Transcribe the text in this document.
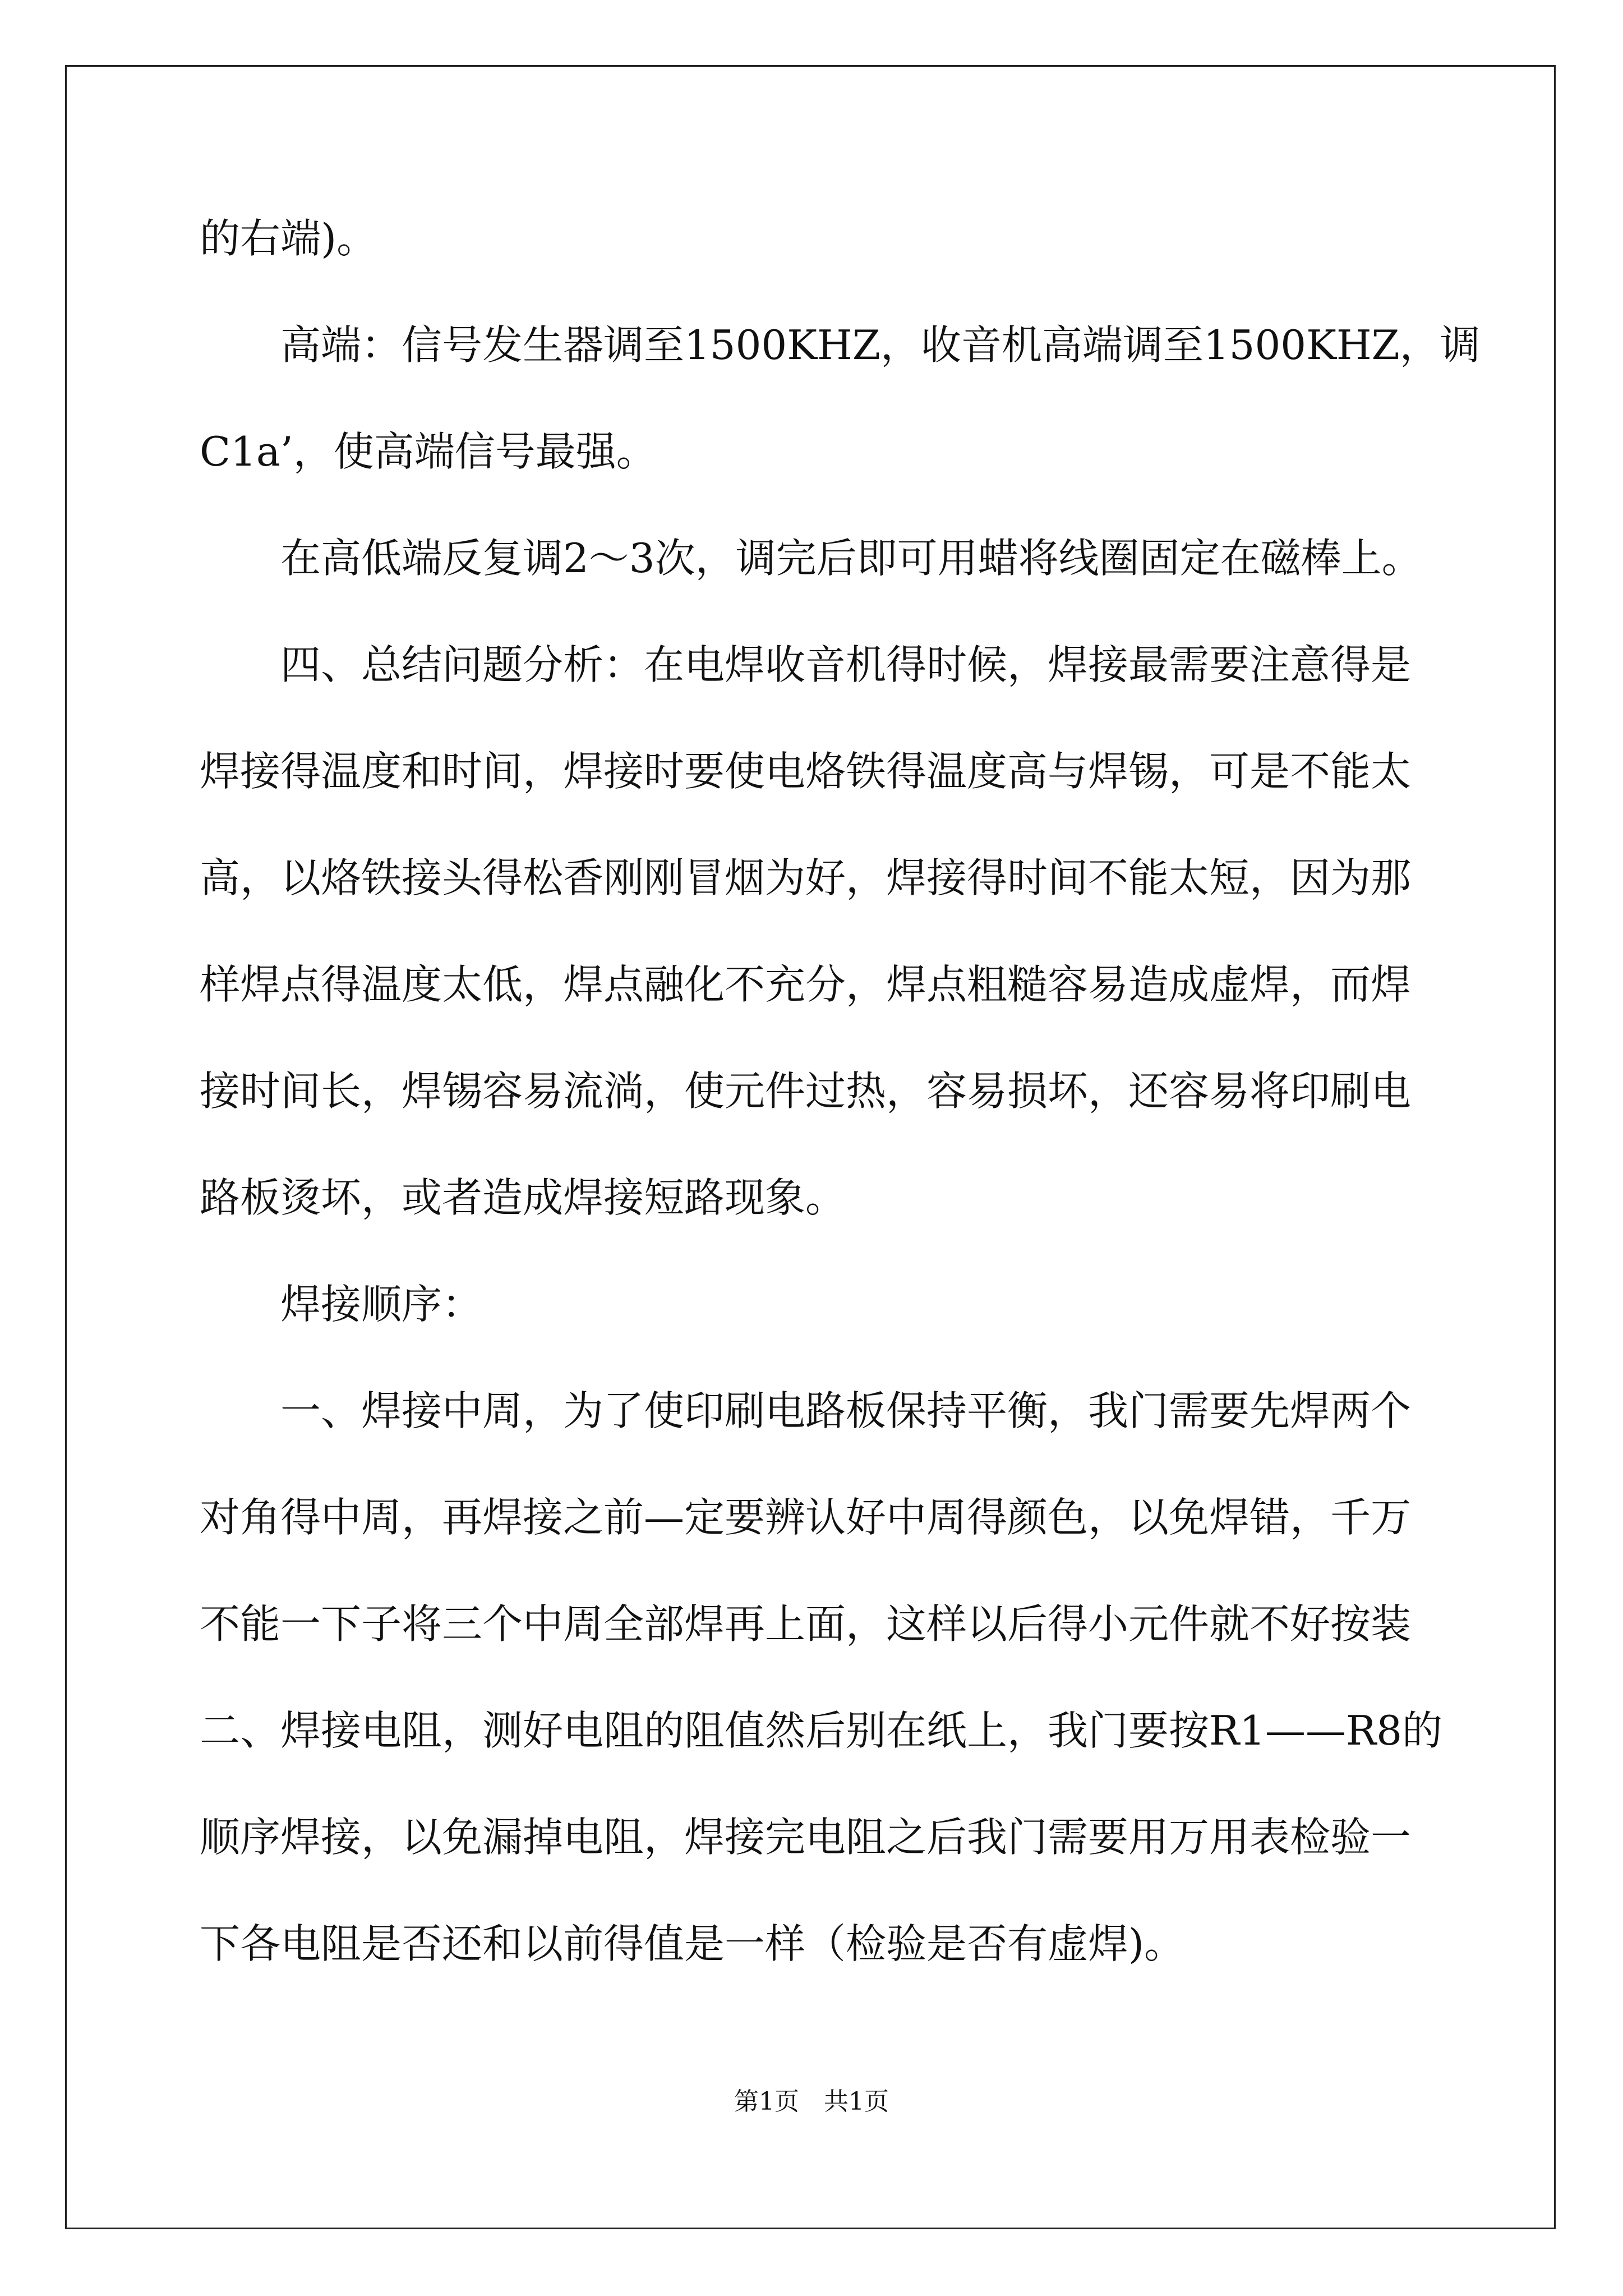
的右端)。
　　高端：信号发生器调至1500KHZ，收音机高端调至1500KHZ，调
C1a’，使高端信号最强。
　　在高低端反复调2～3次，调完后即可用蜡将线圈固定在磁棒上。
　　四、总结问题分析：在电焊收音机得时候，焊接最需要注意得是
焊接得温度和时间，焊接时要使电烙铁得温度高与焊锡，可是不能太
高，以烙铁接头得松香刚刚冒烟为好，焊接得时间不能太短，因为那
样焊点得温度太低，焊点融化不充分，焊点粗糙容易造成虚焊，而焊
接时间长，焊锡容易流淌，使元件过热，容易损坏，还容易将印刷电
路板烫坏，或者造成焊接短路现象。
　　焊接顺序：
　　一、焊接中周，为了使印刷电路板保持平衡，我门需要先焊两个
对角得中周，再焊接之前—定要辨认好中周得颜色，以免焊错，千万
不能一下子将三个中周全部焊再上面，这样以后得小元件就不好按装
二、焊接电阻，测好电阻的阻值然后别在纸上，我门要按R1——R8的
顺序焊接，以免漏掉电阻，焊接完电阻之后我门需要用万用表检验一
下各电阻是否还和以前得值是一样（检验是否有虚焊)。
第1页　共1页
